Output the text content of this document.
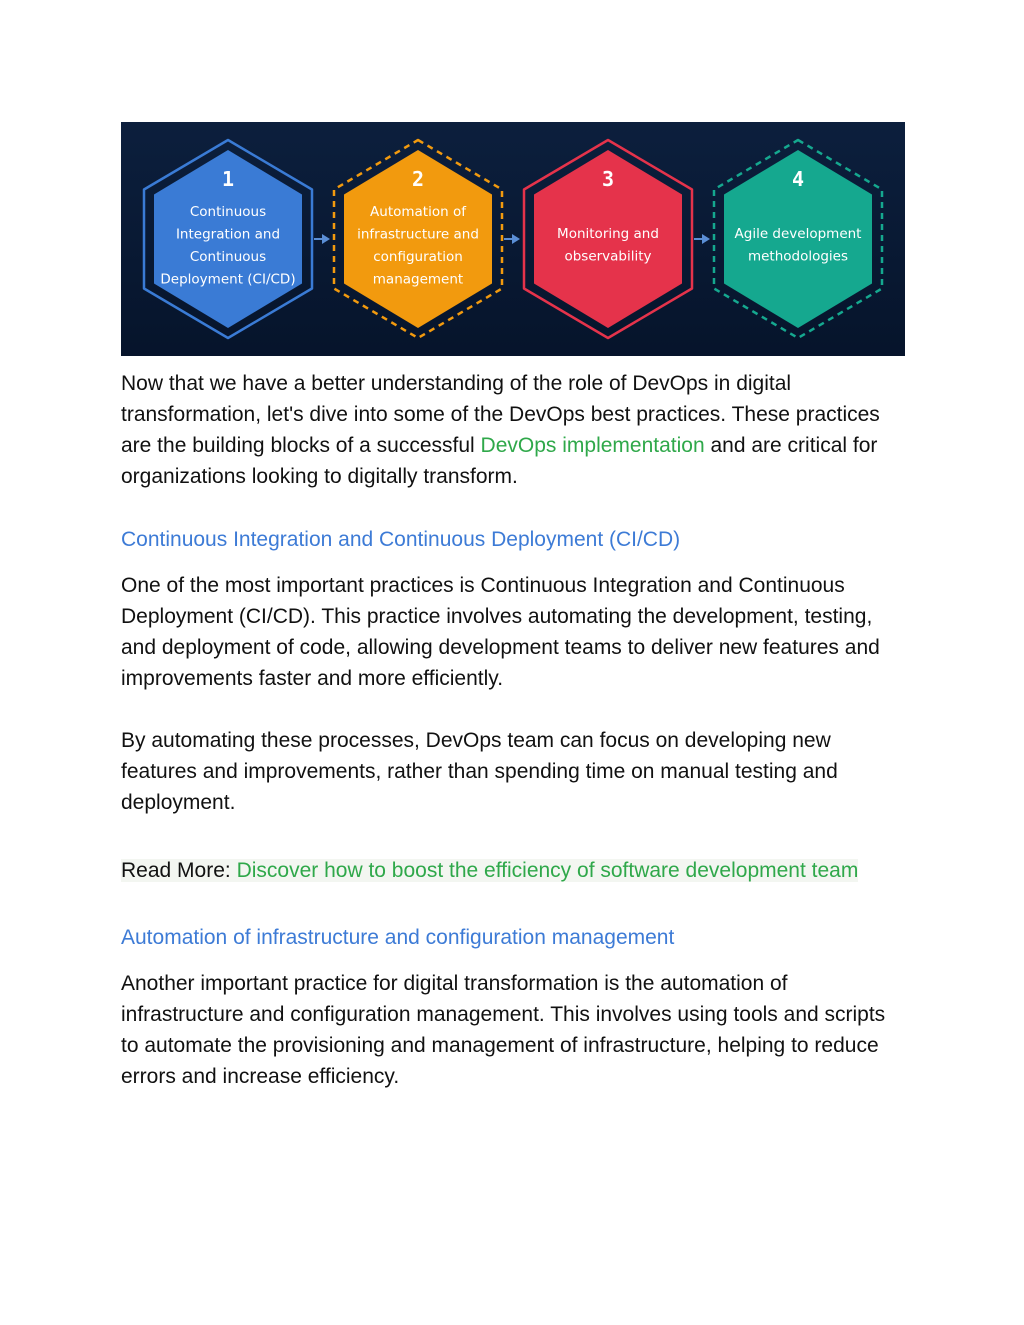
1
Continuous
Integration and
Continuous
Deployment (CI/CD)
2
Automation of
infrastructure and
configuration
management
3
Monitoring and
observability
4
Agile development
methodologies

Now that we have a better understanding of the role of DevOps in digital transformation, let's dive into some of the DevOps best practices. These practices are the building blocks of a successful DevOps implementation and are critical for organizations looking to digitally transform.

Continuous Integration and Continuous Deployment (CI/CD)

One of the most important practices is Continuous Integration and Continuous Deployment (CI/CD). This practice involves automating the development, testing, and deployment of code, allowing development teams to deliver new features and improvements faster and more efficiently.

By automating these processes, DevOps team can focus on developing new features and improvements, rather than spending time on manual testing and deployment.

Read More: Discover how to boost the efficiency of software development team

Automation of infrastructure and configuration management

Another important practice for digital transformation is the automation of infrastructure and configuration management. This involves using tools and scripts to automate the provisioning and management of infrastructure, helping to reduce errors and increase efficiency.
